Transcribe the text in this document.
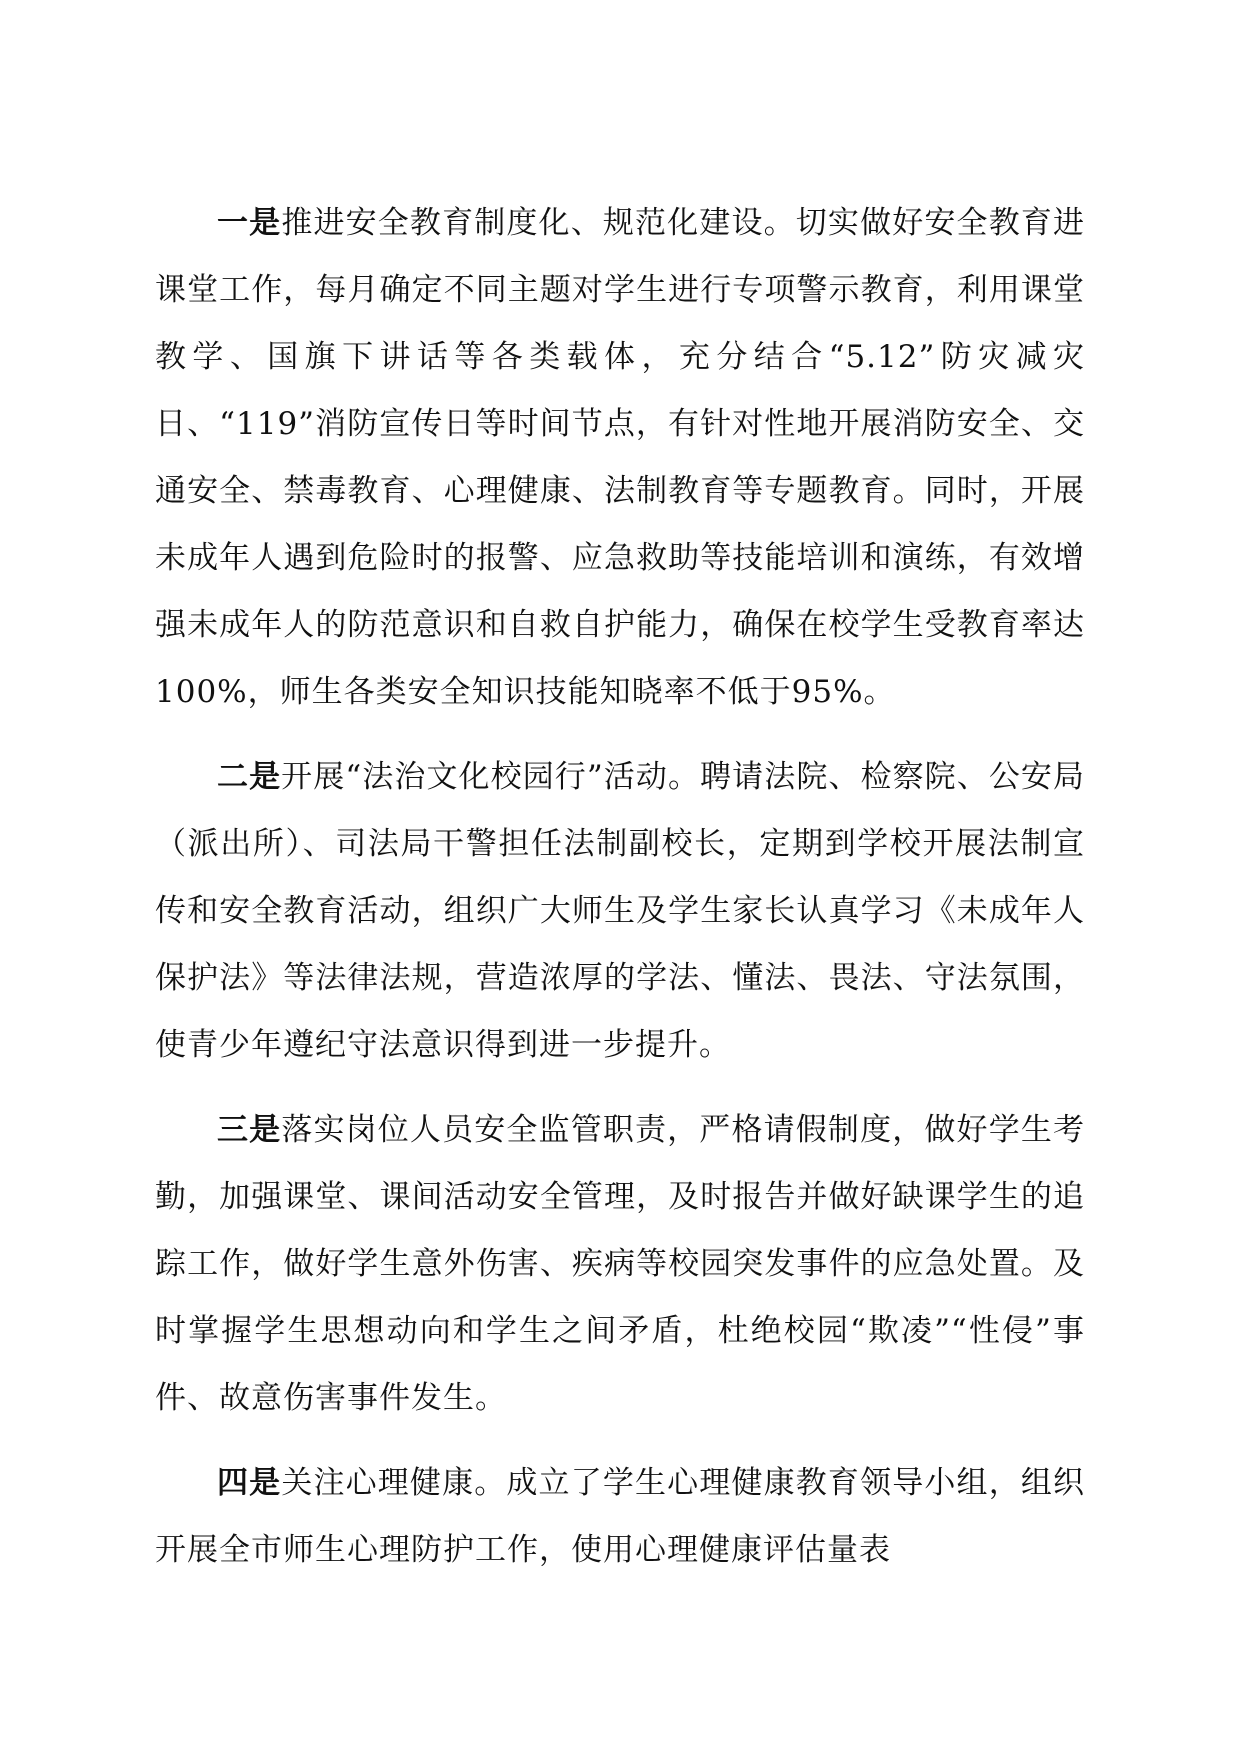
一是推进安全教育制度化、规范化建设。切实做好安全教育进课堂工作，每月确定不同主题对学生进行专项警示教育，利用课堂教学、国旗下讲话等各类载体，充分结合“5.12”防灾减灾日、“119”消防宣传日等时间节点，有针对性地开展消防安全、交通安全、禁毒教育、心理健康、法制教育等专题教育。同时，开展未成年人遇到危险时的报警、应急救助等技能培训和演练，有效增强未成年人的防范意识和自救自护能力，确保在校学生受教育率达100%，师生各类安全知识技能知晓率不低于95%。

二是开展“法治文化校园行”活动。聘请法院、检察院、公安局（派出所）、司法局干警担任法制副校长，定期到学校开展法制宣传和安全教育活动，组织广大师生及学生家长认真学习《未成年人保护法》等法律法规，营造浓厚的学法、懂法、畏法、守法氛围，使青少年遵纪守法意识得到进一步提升。

三是落实岗位人员安全监管职责，严格请假制度，做好学生考勤，加强课堂、课间活动安全管理，及时报告并做好缺课学生的追踪工作，做好学生意外伤害、疾病等校园突发事件的应急处置。及时掌握学生思想动向和学生之间矛盾，杜绝校园“欺凌”“性侵”事件、故意伤害事件发生。

四是关注心理健康。成立了学生心理健康教育领导小组，组织开展全市师生心理防护工作，使用心理健康评估量表
